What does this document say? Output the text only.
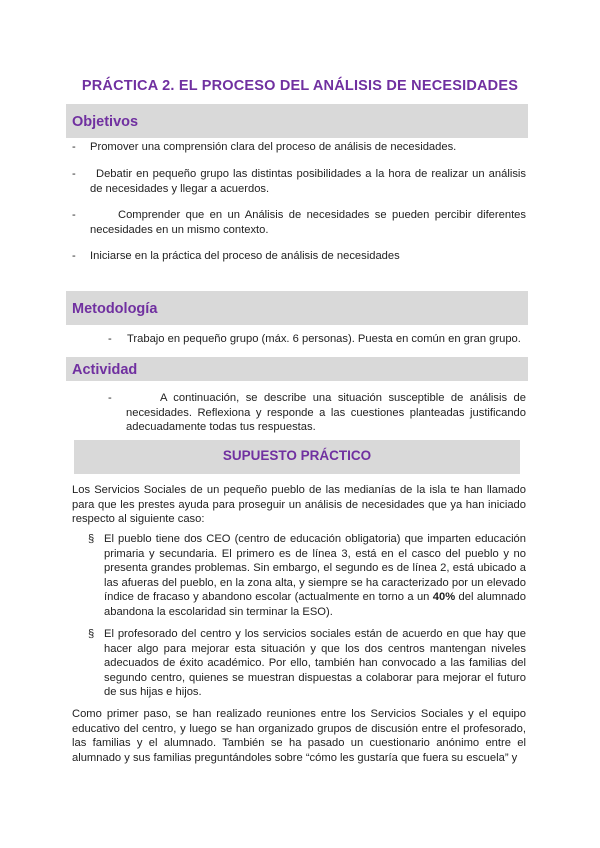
PRÁCTICA 2. EL PROCESO DEL ANÁLISIS DE NECESIDADES
Objetivos
- Promover una comprensión clara del proceso de análisis de necesidades.
-	Debatir en pequeño grupo las distintas posibilidades a la hora de realizar un análisis de necesidades y llegar a acuerdos.
-	Comprender que en un Análisis de necesidades se pueden percibir diferentes necesidades en un mismo contexto.
- Iniciarse en la práctica del proceso de análisis de necesidades
Metodología
- Trabajo en pequeño grupo (máx. 6 personas). Puesta en común en gran grupo.
Actividad
-	A continuación, se describe una situación susceptible de análisis de necesidades. Reflexiona y responde a las cuestiones planteadas justificando adecuadamente todas tus respuestas.
SUPUESTO PRÁCTICO
Los Servicios Sociales de un pequeño pueblo de las medianías de la isla te han llamado para que les prestes ayuda para proseguir un análisis de necesidades que ya han iniciado respecto al siguiente caso:
§ El pueblo tiene dos CEO (centro de educación obligatoria) que imparten educación primaria y secundaria. El primero es de línea 3, está en el casco del pueblo y no presenta grandes problemas. Sin embargo, el segundo es de línea 2, está ubicado a las afueras del pueblo, en la zona alta, y siempre se ha caracterizado por un elevado índice de fracaso y abandono escolar (actualmente en torno a un 40% del alumnado abandona la escolaridad sin terminar la ESO).
§ El profesorado del centro y los servicios sociales están de acuerdo en que hay que hacer algo para mejorar esta situación y que los dos centros mantengan niveles adecuados de éxito académico. Por ello, también han convocado a las familias del segundo centro, quienes se muestran dispuestas a colaborar para mejorar el futuro de sus hijas e hijos.
Como primer paso, se han realizado reuniones entre los Servicios Sociales y el equipo educativo del centro, y luego se han organizado grupos de discusión entre el profesorado, las familias y el alumnado. También se ha pasado un cuestionario anónimo entre el alumnado y sus familias preguntándoles sobre “cómo les gustaría que fuera su escuela” y
